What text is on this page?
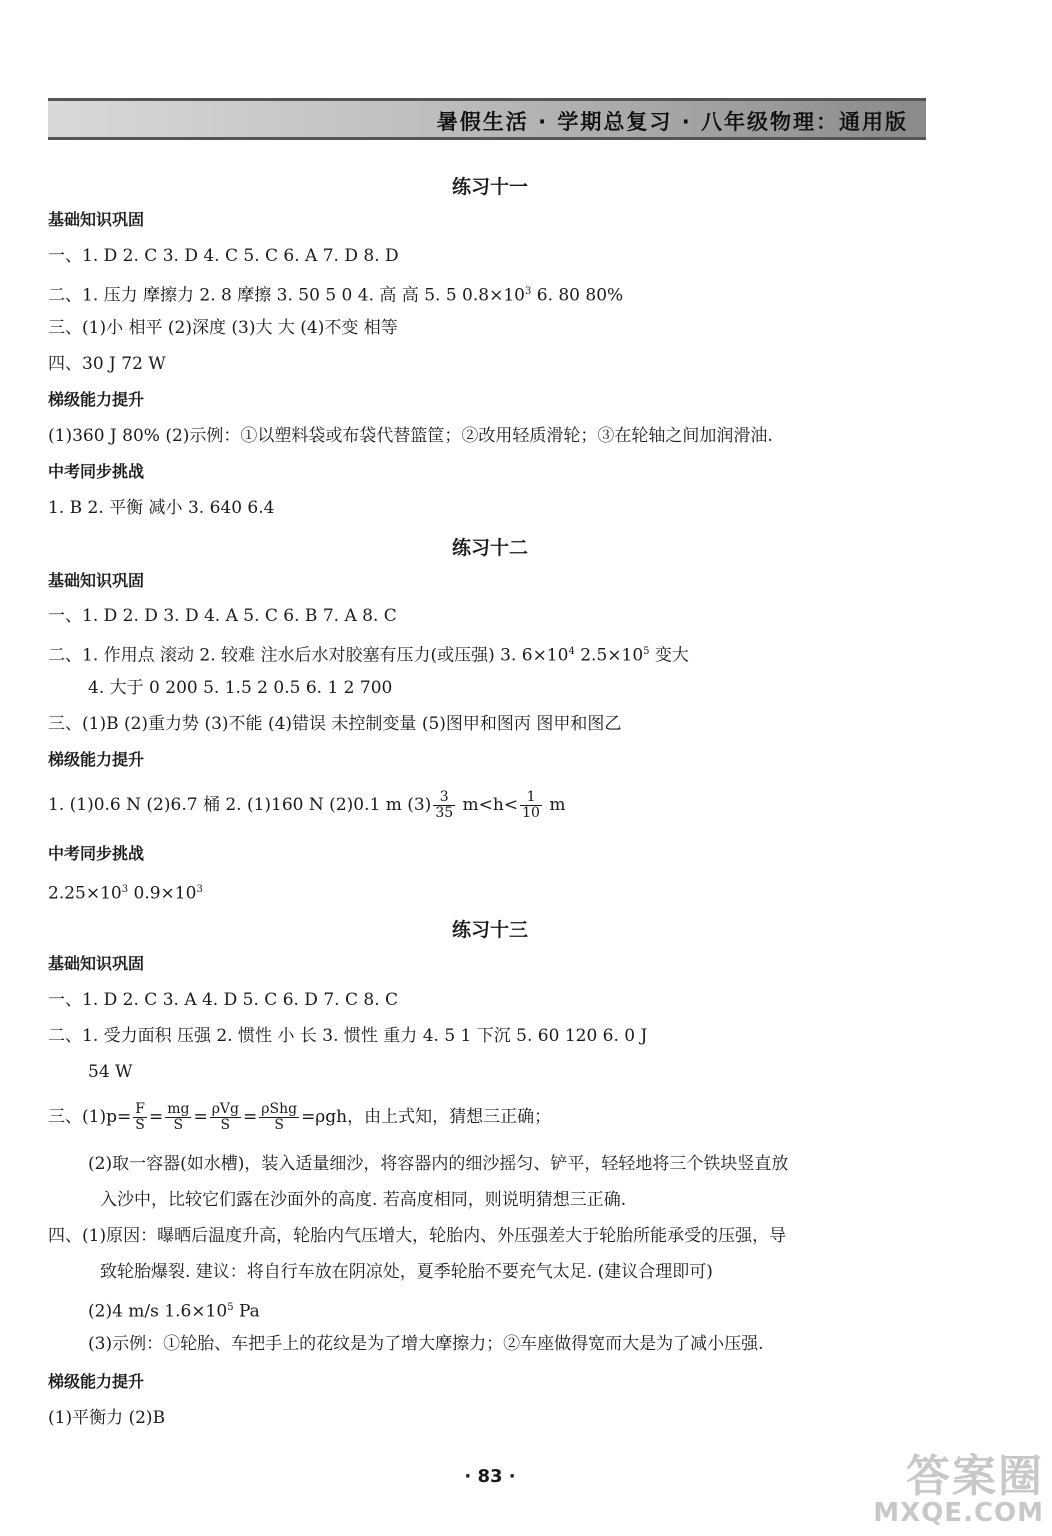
暑假生活 · 学期总复习 · 八年级物理：通用版
练习十一
基础知识巩固
一、1. D 2. C 3. D 4. C 5. C 6. A 7. D 8. D
二、1. 压力 摩擦力 2. 8 摩擦 3. 50 5 0 4. 高 高 5. 5 $0.8\times 10^3$ 6. 80 80%
三、(1)小 相平 (2)深度 (3)大 大 (4)不变 相等
四、30 J 72 W
梯级能力提升
(1)360 J 80% (2)示例：①以塑料袋或布袋代替篮筐；②改用轻质滑轮；③在轮轴之间加润滑油.
中考同步挑战
1. B 2. 平衡 减小 3. 640 6.4
练习十二
基础知识巩固
一、1. D 2. D 3. D 4. A 5. C 6. B 7. A 8. C
二、1. 作用点 滚动 2. 较难 注水后水对胶塞有压力(或压强) 3. $6\times 10^4$ $2.5\times 10^5$ 变大
4. 大于 0 200 5. 1.5 2 0.5 6. 1 2 700
三、(1)B (2)重力势 (3)不能 (4)错误 未控制变量 (5)图甲和图丙 图甲和图乙
梯级能力提升
1. (1)0.6 N (2)6.7 桶 2. (1)160 N (2)0.1 m $(3) \frac{3}{35} m<h< \frac{1}{10}$ m
中考同步挑战
$2.25\times 10^3$ $0.9\times 10^3$
练习十三
基础知识巩固
一、1. D 2. C 3. A 4. D 5. C 6. D 7. C 8. C
二、1. 受力面积 压强 2. 惯性 小 长 3. 惯性 重力 4. 5 1 下沉 5. 60 120 6. 0 J
54 W
三、$(1)p= \frac{F}{S} = \frac{mg}{S} = \frac{\text{ρVg}}{S} = \frac{\text{ρShg}}{S} =\rho gh$，由上式知，猜想三正确；
(2)取一容器(如水槽)，装入适量细沙，将容器内的细沙摇匀、铲平，轻轻地将三个铁块竖直放
入沙中，比较它们露在沙面外的高度. 若高度相同，则说明猜想三正确.
四、(1)原因：曝晒后温度升高，轮胎内气压增大，轮胎内、外压强差大于轮胎所能承受的压强，导
致轮胎爆裂. 建议：将自行车放在阴凉处，夏季轮胎不要充气太足. (建议合理即可)
(2)4 m/s $1.6\times 10^5$ Pa
(3)示例：①轮胎、车把手上的花纹是为了增大摩擦力；②车座做得宽而大是为了减小压强.
梯级能力提升
(1)平衡力 (2)B
· 83 ·	答案圈
MXQE.COM
